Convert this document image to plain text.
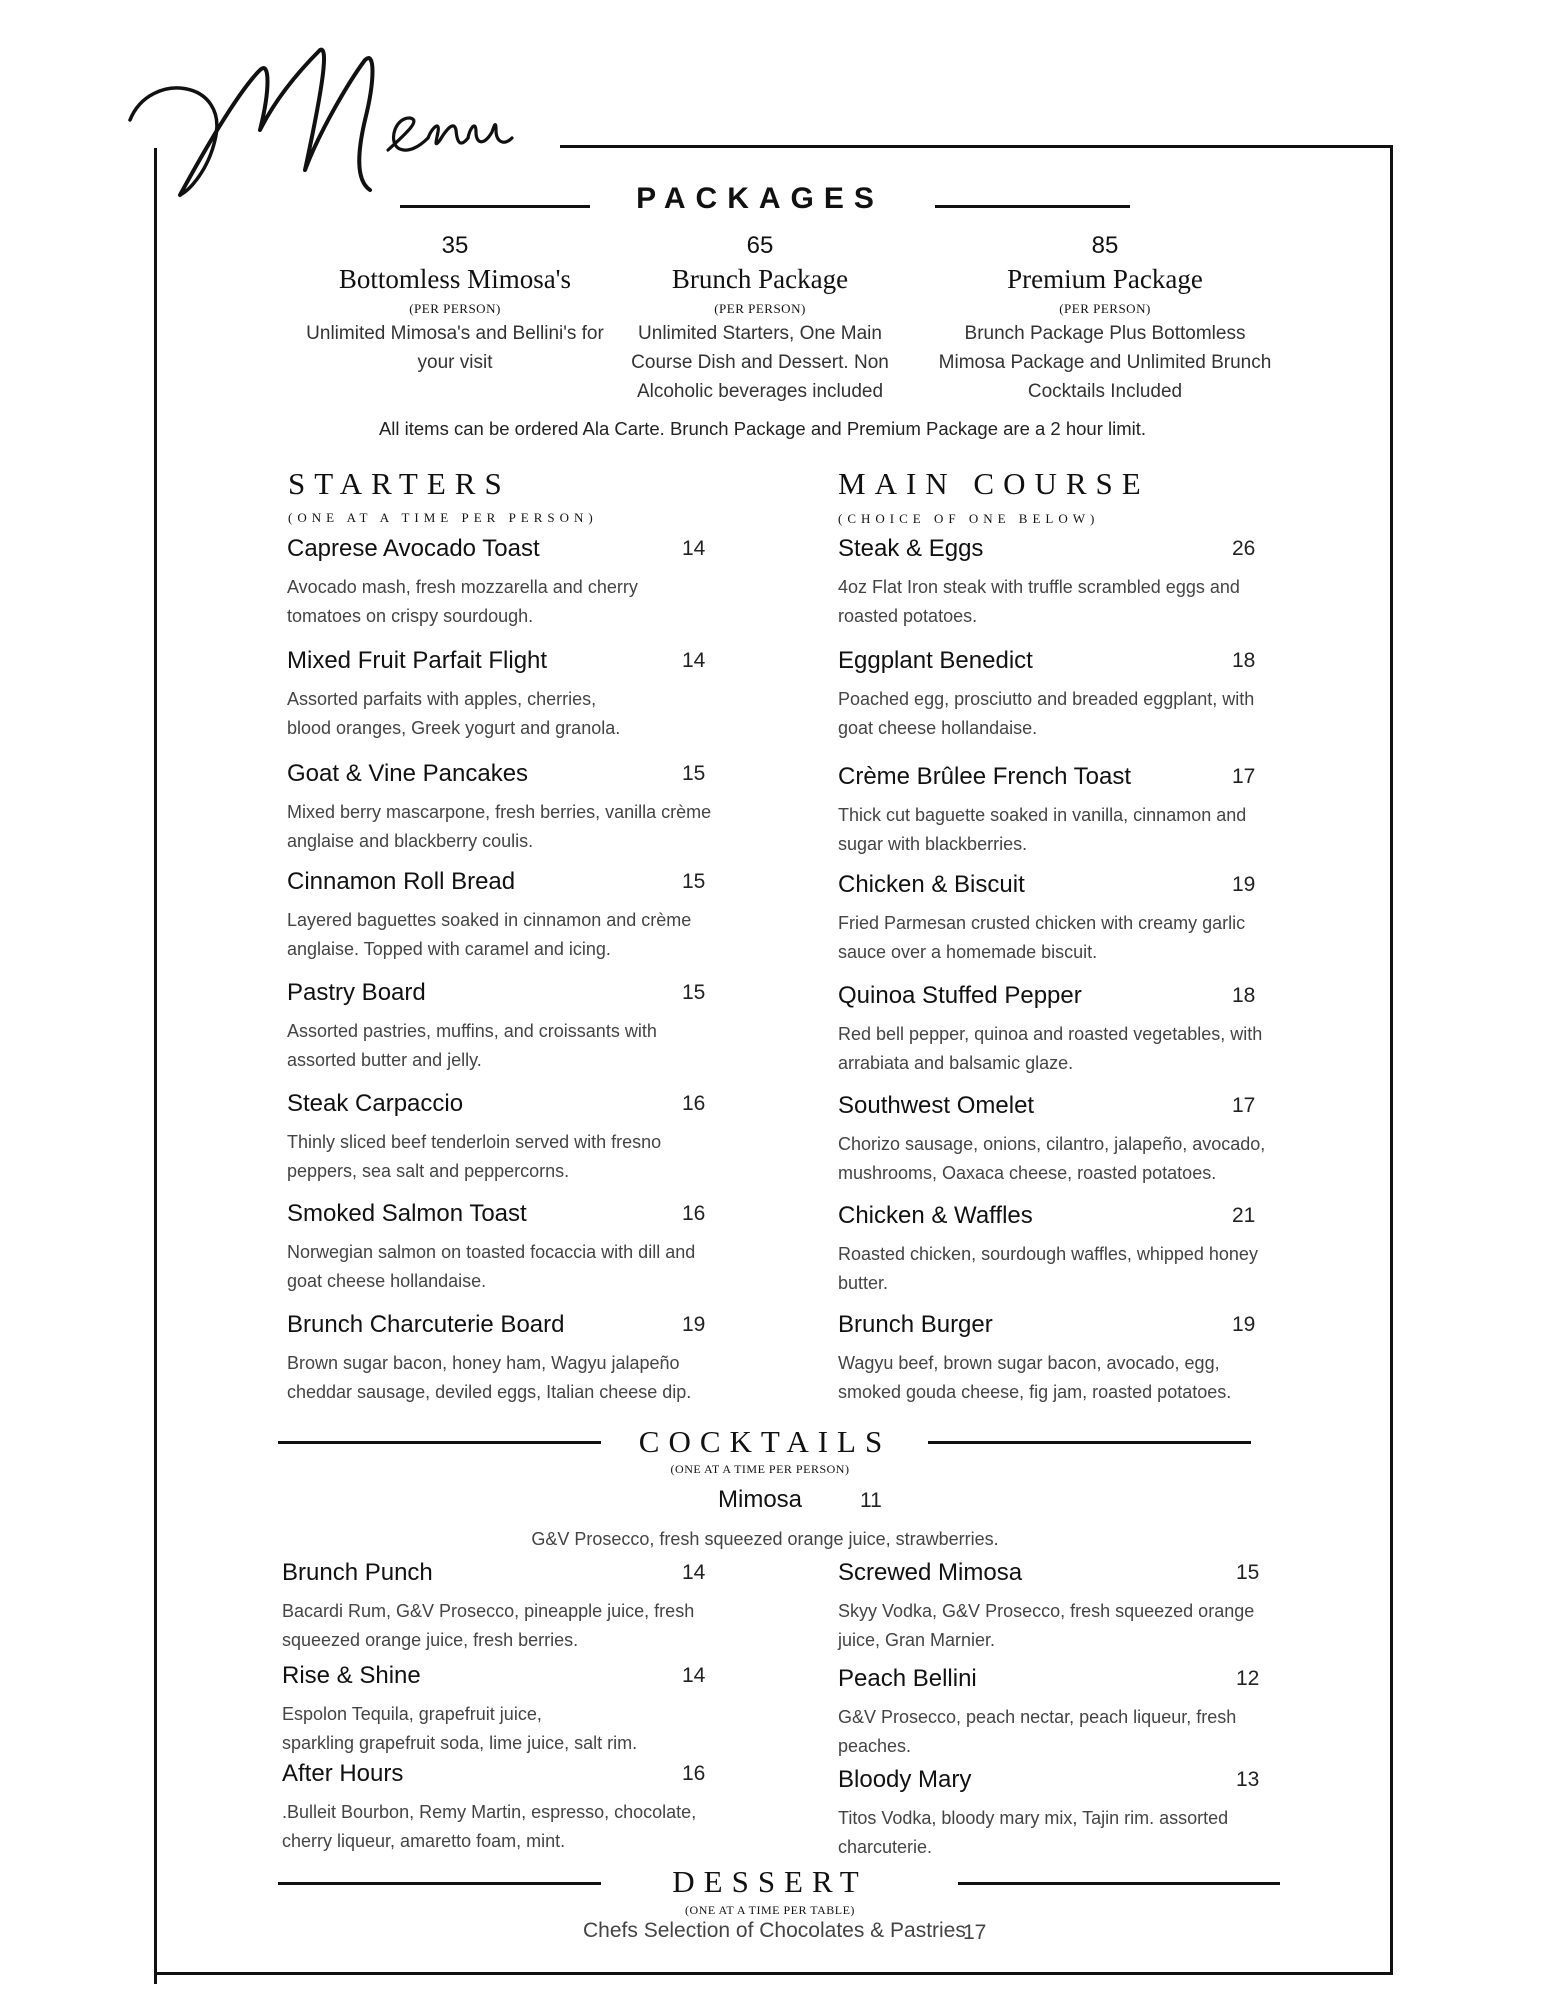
PACKAGES
35
Bottomless Mimosa's
(PER PERSON)
Unlimited Mimosa's and Bellini's for
your visit
65
Brunch Package
(PER PERSON)
Unlimited Starters, One Main
Course Dish and Dessert. Non
Alcoholic beverages included
85
Premium Package
(PER PERSON)
Brunch Package Plus Bottomless
Mimosa Package and Unlimited Brunch
Cocktails Included
All items can be ordered Ala Carte. Brunch Package and Premium Package are a 2 hour limit.
STARTERS
(ONE AT A TIME PER PERSON)
Caprese Avocado Toast	14
Avocado mash, fresh mozzarella and cherry
tomatoes on crispy sourdough.
Mixed Fruit Parfait Flight	14
Assorted parfaits with apples, cherries,
blood oranges, Greek yogurt and granola.
Goat & Vine Pancakes	15
Mixed berry mascarpone, fresh berries, vanilla crème
anglaise and blackberry coulis.
Cinnamon Roll Bread	15
Layered baguettes soaked in cinnamon and crème
anglaise. Topped with caramel and icing.
Pastry Board	15
Assorted pastries, muffins, and croissants with
assorted butter and jelly.
Steak Carpaccio	16
Thinly sliced beef tenderloin served with fresno
peppers, sea salt and peppercorns.
Smoked Salmon Toast	16
Norwegian salmon on toasted focaccia with dill and
goat cheese hollandaise.
Brunch Charcuterie Board	19
Brown sugar bacon, honey ham, Wagyu jalapeño
cheddar sausage, deviled eggs, Italian cheese dip.
MAIN COURSE
(CHOICE OF ONE BELOW)
Steak & Eggs	26
4oz Flat Iron steak with truffle scrambled eggs and
roasted potatoes.
Eggplant Benedict	18
Poached egg, prosciutto and breaded eggplant, with
goat cheese hollandaise.
Crème Brûlee French Toast	17
Thick cut baguette soaked in vanilla, cinnamon and
sugar with blackberries.
Chicken & Biscuit	19
Fried Parmesan crusted chicken with creamy garlic
sauce over a homemade biscuit.
Quinoa Stuffed Pepper	18
Red bell pepper, quinoa and roasted vegetables, with
arrabiata and balsamic glaze.
Southwest Omelet	17
Chorizo sausage, onions, cilantro, jalapeño, avocado,
mushrooms, Oaxaca cheese, roasted potatoes.
Chicken & Waffles	21
Roasted chicken, sourdough waffles, whipped honey
butter.
Brunch Burger	19
Wagyu beef, brown sugar bacon, avocado, egg,
smoked gouda cheese, fig jam, roasted potatoes.
COCKTAILS
(ONE AT A TIME PER PERSON)
Mimosa	11
G&V Prosecco, fresh squeezed orange juice, strawberries.
Brunch Punch	14
Bacardi Rum, G&V Prosecco, pineapple juice, fresh
squeezed orange juice, fresh berries.
Rise & Shine	14
Espolon Tequila, grapefruit juice,
sparkling grapefruit soda, lime juice, salt rim.
After Hours	16
.Bulleit Bourbon, Remy Martin, espresso, chocolate,
cherry liqueur, amaretto foam, mint.
Screwed Mimosa	15
Skyy Vodka, G&V Prosecco, fresh squeezed orange
juice, Gran Marnier.
Peach Bellini	12
G&V Prosecco, peach nectar, peach liqueur, fresh
peaches.
Bloody Mary	13
Titos Vodka, bloody mary mix, Tajin rim. assorted
charcuterie.
DESSERT
(ONE AT A TIME PER TABLE)
Chefs Selection of Chocolates & Pastries
17
